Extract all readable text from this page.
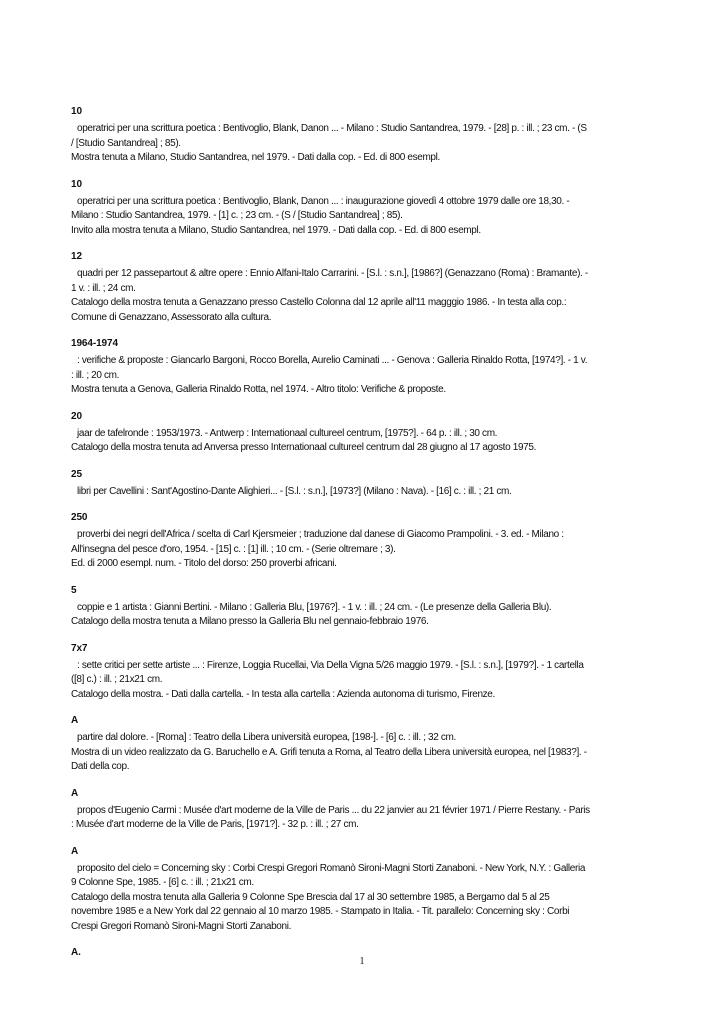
10
operatrici per una scrittura poetica : Bentivoglio, Blank, Danon ... - Milano : Studio Santandrea, 1979. - [28] p. : ill. ; 23 cm. - (S / [Studio Santandrea] ; 85).
Mostra tenuta a Milano, Studio Santandrea, nel 1979. - Dati dalla cop. - Ed. di 800 esempl.
10
operatrici per una scrittura poetica : Bentivoglio, Blank, Danon ... : inaugurazione giovedì 4 ottobre 1979 dalle ore 18,30. - Milano : Studio Santandrea, 1979. - [1] c. ; 23 cm. - (S / [Studio Santandrea] ; 85).
Invito alla mostra tenuta a Milano, Studio Santandrea, nel 1979. - Dati dalla cop. - Ed. di 800 esempl.
12
quadri per 12 passepartout & altre opere : Ennio Alfani-Italo Carrarini. - [S.l. : s.n.], [1986?] (Genazzano (Roma) : Bramante). - 1 v. : ill. ; 24 cm.
Catalogo della mostra tenuta a Genazzano presso Castello Colonna dal 12 aprile all'11 magggio 1986. - In testa alla cop.: Comune di Genazzano, Assessorato alla cultura.
1964-1974
: verifiche & proposte : Giancarlo Bargoni, Rocco Borella, Aurelio Caminati ... - Genova : Galleria Rinaldo Rotta, [1974?]. - 1 v. : ill. ; 20 cm.
Mostra tenuta a Genova, Galleria Rinaldo Rotta, nel 1974. - Altro titolo: Verifiche & proposte.
20
jaar de tafelronde : 1953/1973. - Antwerp : Internationaal cultureel centrum, [1975?]. - 64 p. : ill. ; 30 cm.
Catalogo della mostra tenuta ad Anversa presso Internationaal cultureel centrum dal 28 giugno al 17 agosto 1975.
25
libri per Cavellini : Sant'Agostino-Dante Alighieri... - [S.l. : s.n.], [1973?] (Milano : Nava). - [16] c. : ill. ; 21 cm.
250
proverbi dei negri dell'Africa / scelta di Carl Kjersmeier ; traduzione dal danese di Giacomo Prampolini. - 3. ed. - Milano : All'insegna del pesce d'oro, 1954. - [15] c. : [1] ill. ; 10 cm. - (Serie oltremare ; 3).
Ed. di 2000 esempl. num. - Titolo del dorso: 250 proverbi africani.
5
coppie e 1 artista : Gianni Bertini. - Milano : Galleria Blu, [1976?]. - 1 v. : ill. ; 24 cm. - (Le presenze della Galleria Blu).
Catalogo della mostra tenuta a Milano presso la Galleria Blu nel gennaio-febbraio 1976.
7x7
: sette critici per sette artiste ... : Firenze, Loggia Rucellai, Via Della Vigna 5/26 maggio 1979. - [S.l. : s.n.], [1979?]. - 1 cartella ([8] c.) : ill. ; 21x21 cm.
Catalogo della mostra. - Dati dalla cartella. - In testa alla cartella : Azienda autonoma di turismo, Firenze.
A
partire dal dolore. - [Roma] : Teatro della Libera università europea, [198-]. - [6] c. : ill. ; 32 cm.
Mostra di un video realizzato da G. Baruchello e A. Grifi tenuta a Roma, al Teatro della Libera università europea, nel [1983?]. - Dati della cop.
A
propos d'Eugenio Carmi : Musée d'art moderne de la Ville de Paris ... du 22 janvier au 21 février 1971 / Pierre Restany. - Paris : Musée d'art moderne de la Ville de Paris, [1971?]. - 32 p. : ill. ; 27 cm.
A
proposito del cielo = Concerning sky : Corbi Crespi Gregori Romanò Sironi-Magni Storti Zanaboni. - New York, N.Y. : Galleria 9 Colonne Spe, 1985. - [6] c. : ill. ; 21x21 cm.
Catalogo della mostra tenuta alla Galleria 9 Colonne Spe Brescia dal 17 al 30 settembre 1985, a Bergamo dal 5 al 25 novembre 1985 e a New York dal 22 gennaio al 10 marzo 1985. - Stampato in Italia. - Tit. parallelo: Concerning sky : Corbi Crespi Gregori Romanò Sironi-Magni Storti Zanaboni.
A.
1
